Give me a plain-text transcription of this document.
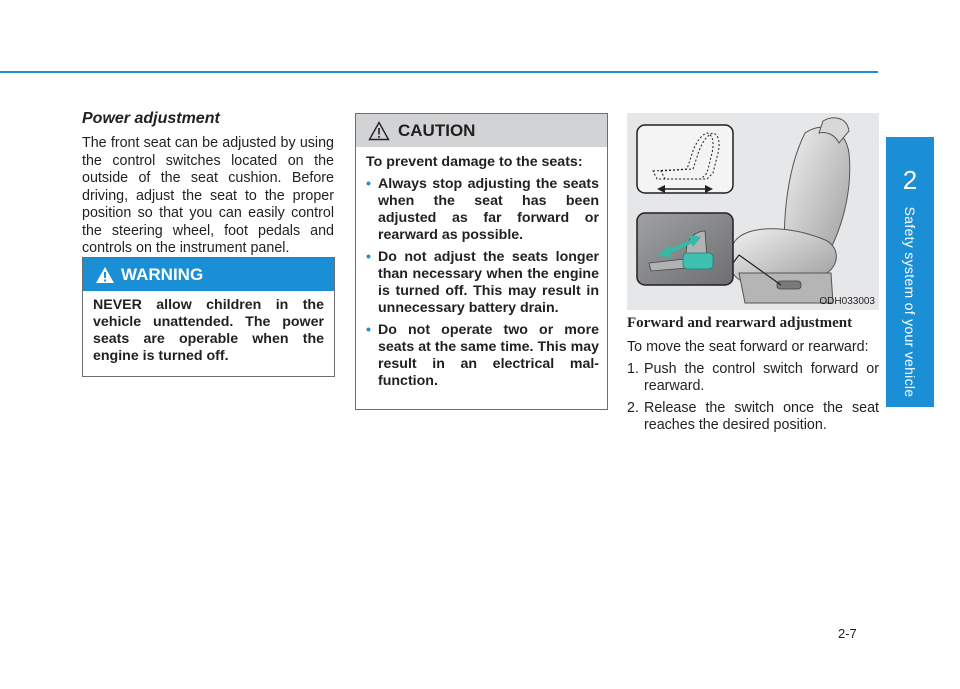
2
Safety system of your vehicle

Power adjustment

The front seat can be adjusted by using the control switches located on the outside of the seat cushion. Before driving, adjust the seat to the proper position so that you can easily control the steering wheel, foot pedals and controls on the instrument panel.

WARNING
NEVER allow children in the vehicle unattended. The power seats are operable when the engine is turned off.
CAUTION

To prevent damage to the seats:

• Always stop adjusting the seats when the seat has been adjusted as far forward or rearward as possible.

• Do not adjust the seats longer than necessary when the engine is turned off. This may result in unnecessary battery drain.

• Do not operate two or more seats at the same time. This may result in an electrical mal-function.

ODH033003

Forward and rearward adjustment

To move the seat forward or rearward:

1. Push the control switch forward or rearward.
2. Release the switch once the seat reaches the desired position.
2-7
